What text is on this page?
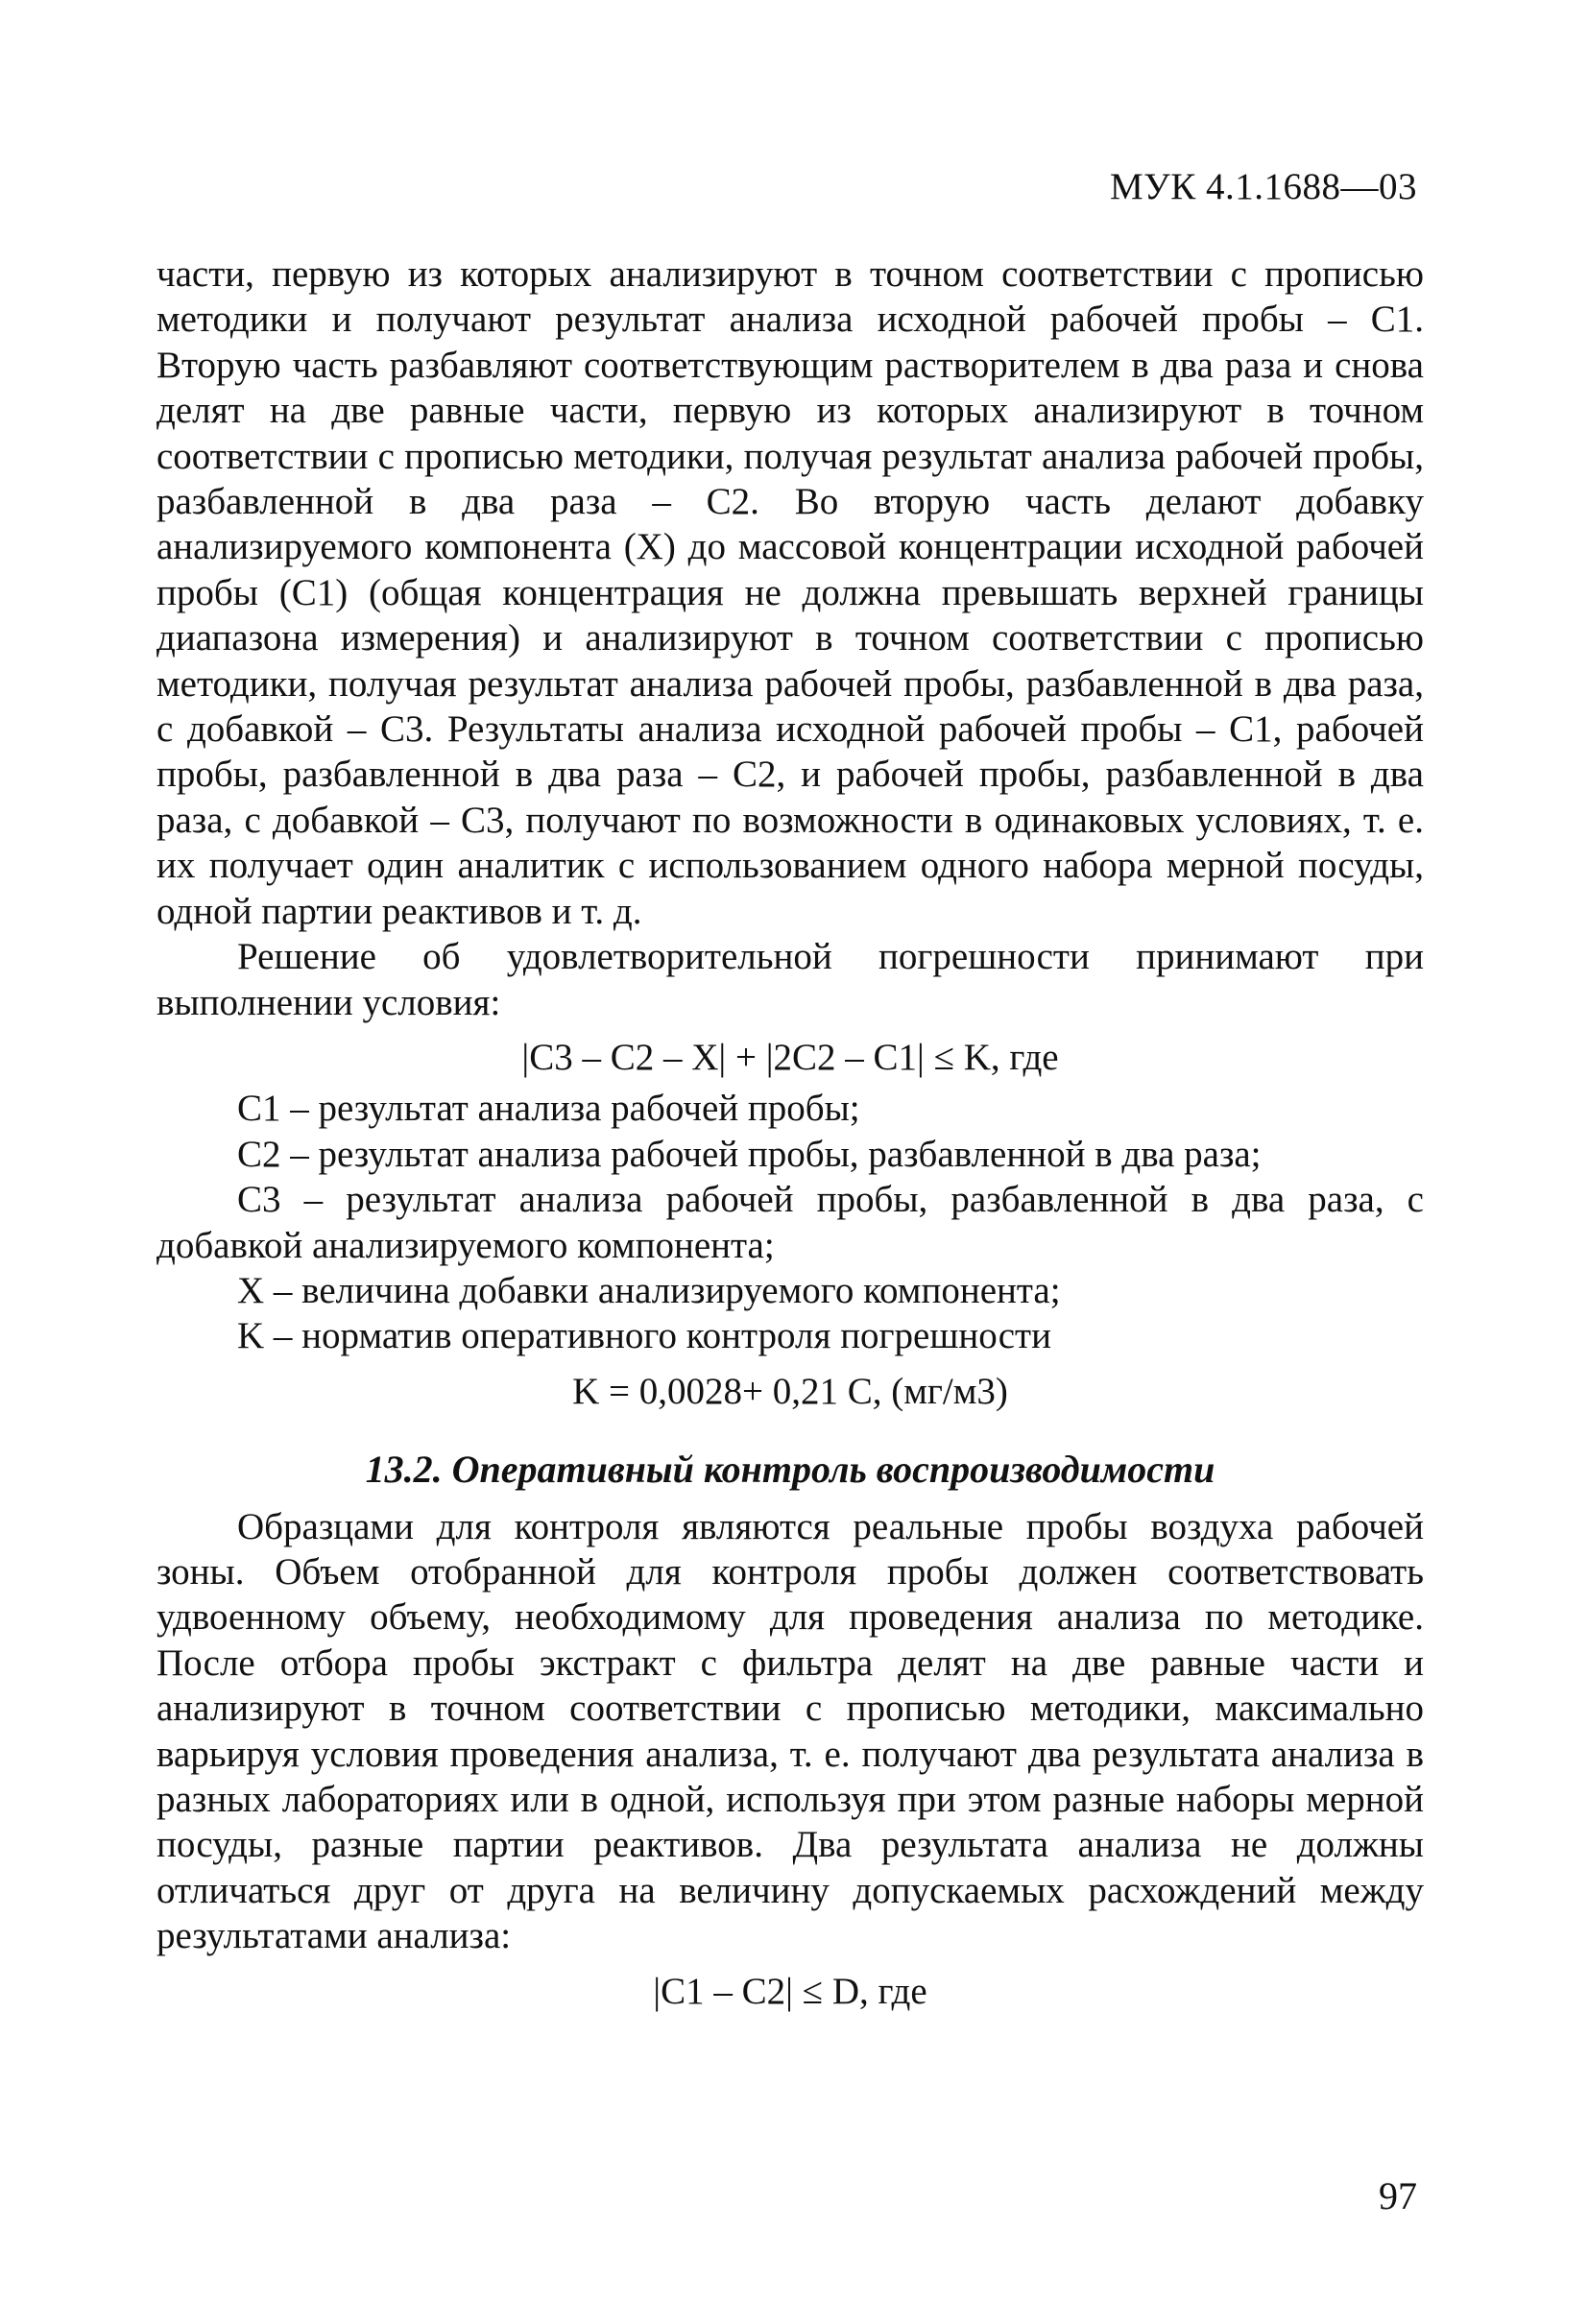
МУК 4.1.1688—03

части, первую из которых анализируют в точном соответствии с прописью методики и получают результат анализа исходной рабочей пробы – C1. Вторую часть разбавляют соответствующим растворителем в два раза и снова делят на две равные части, первую из которых анализируют в точном соответствии с прописью методики, получая результат анализа рабочей пробы, разбавленной в два раза – C2. Во вторую часть делают добавку анализируемого компонента (X) до массовой концентрации исходной рабочей пробы (C1) (общая концентрация не должна превышать верхней границы диапазона измерения) и анализируют в точном соответствии с прописью методики, получая результат анализа рабочей пробы, разбавленной в два раза, с добавкой – C3. Результаты анализа исходной рабочей пробы – C1, рабочей пробы, разбавленной в два раза – C2, и рабочей пробы, разбавленной в два раза, с добавкой – C3, получают по возможности в одинаковых условиях, т. е. их получает один аналитик с использованием одного набора мерной посуды, одной партии реактивов и т. д.

Решение об удовлетворительной погрешности принимают при выполнении условия:

|C3 – C2 – X| + |2C2 – C1| ≤ K, где

C1 – результат анализа рабочей пробы;

C2 – результат анализа рабочей пробы, разбавленной в два раза;

C3 – результат анализа рабочей пробы, разбавленной в два раза, с добавкой анализируемого компонента;

X – величина добавки анализируемого компонента;

K – норматив оперативного контроля погрешности

K = 0,0028+ 0,21 C, (мг/м3)
13.2. Оперативный контроль воспроизводимости

Образцами для контроля являются реальные пробы воздуха рабочей зоны. Объем отобранной для контроля пробы должен соответствовать удвоенному объему, необходимому для проведения анализа по методике. После отбора пробы экстракт с фильтра делят на две равные части и анализируют в точном соответствии с прописью методики, максимально варьируя условия проведения анализа, т. е. получают два результата анализа в разных лабораториях или в одной, используя при этом разные наборы мерной посуды, разные партии реактивов. Два результата анализа не должны отличаться друг от друга на величину допускаемых расхождений между результатами анализа:

|C1 – C2| ≤ D, где
97
